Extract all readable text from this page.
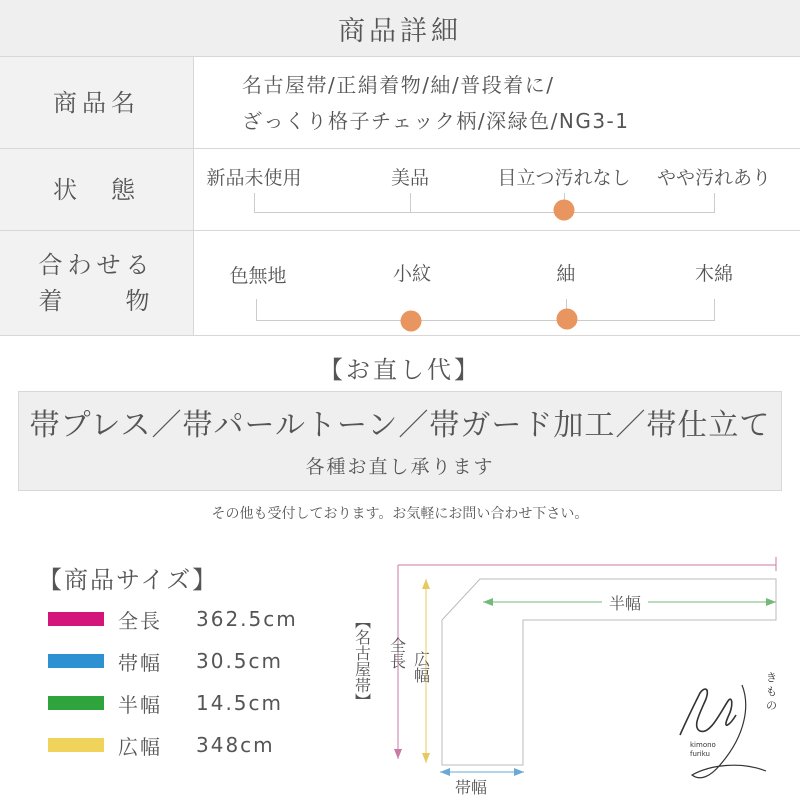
商品詳細
商品名
名古屋帯/正絹着物/紬/普段着に/
ざっくり格子チェック柄/深緑色/NG3-1
状　態	新品未使用	美品	目立つ汚れなし やや汚れあり
合わせる
着　　物
色無地	小紋	紬	木綿
【お直し代】
帯プレス／帯パールトーン／帯ガード加工／帯仕立て
各種お直し承ります
その他も受付しております。お気軽にお問い合わせ下さい。
【商品サイズ】
全長	362.5cm
帯幅	30.5cm
半幅	14.5cm
広幅	348cm
半幅
帯幅
【名古屋帯】 全長 広幅	き
も
の
kimono
furiku
